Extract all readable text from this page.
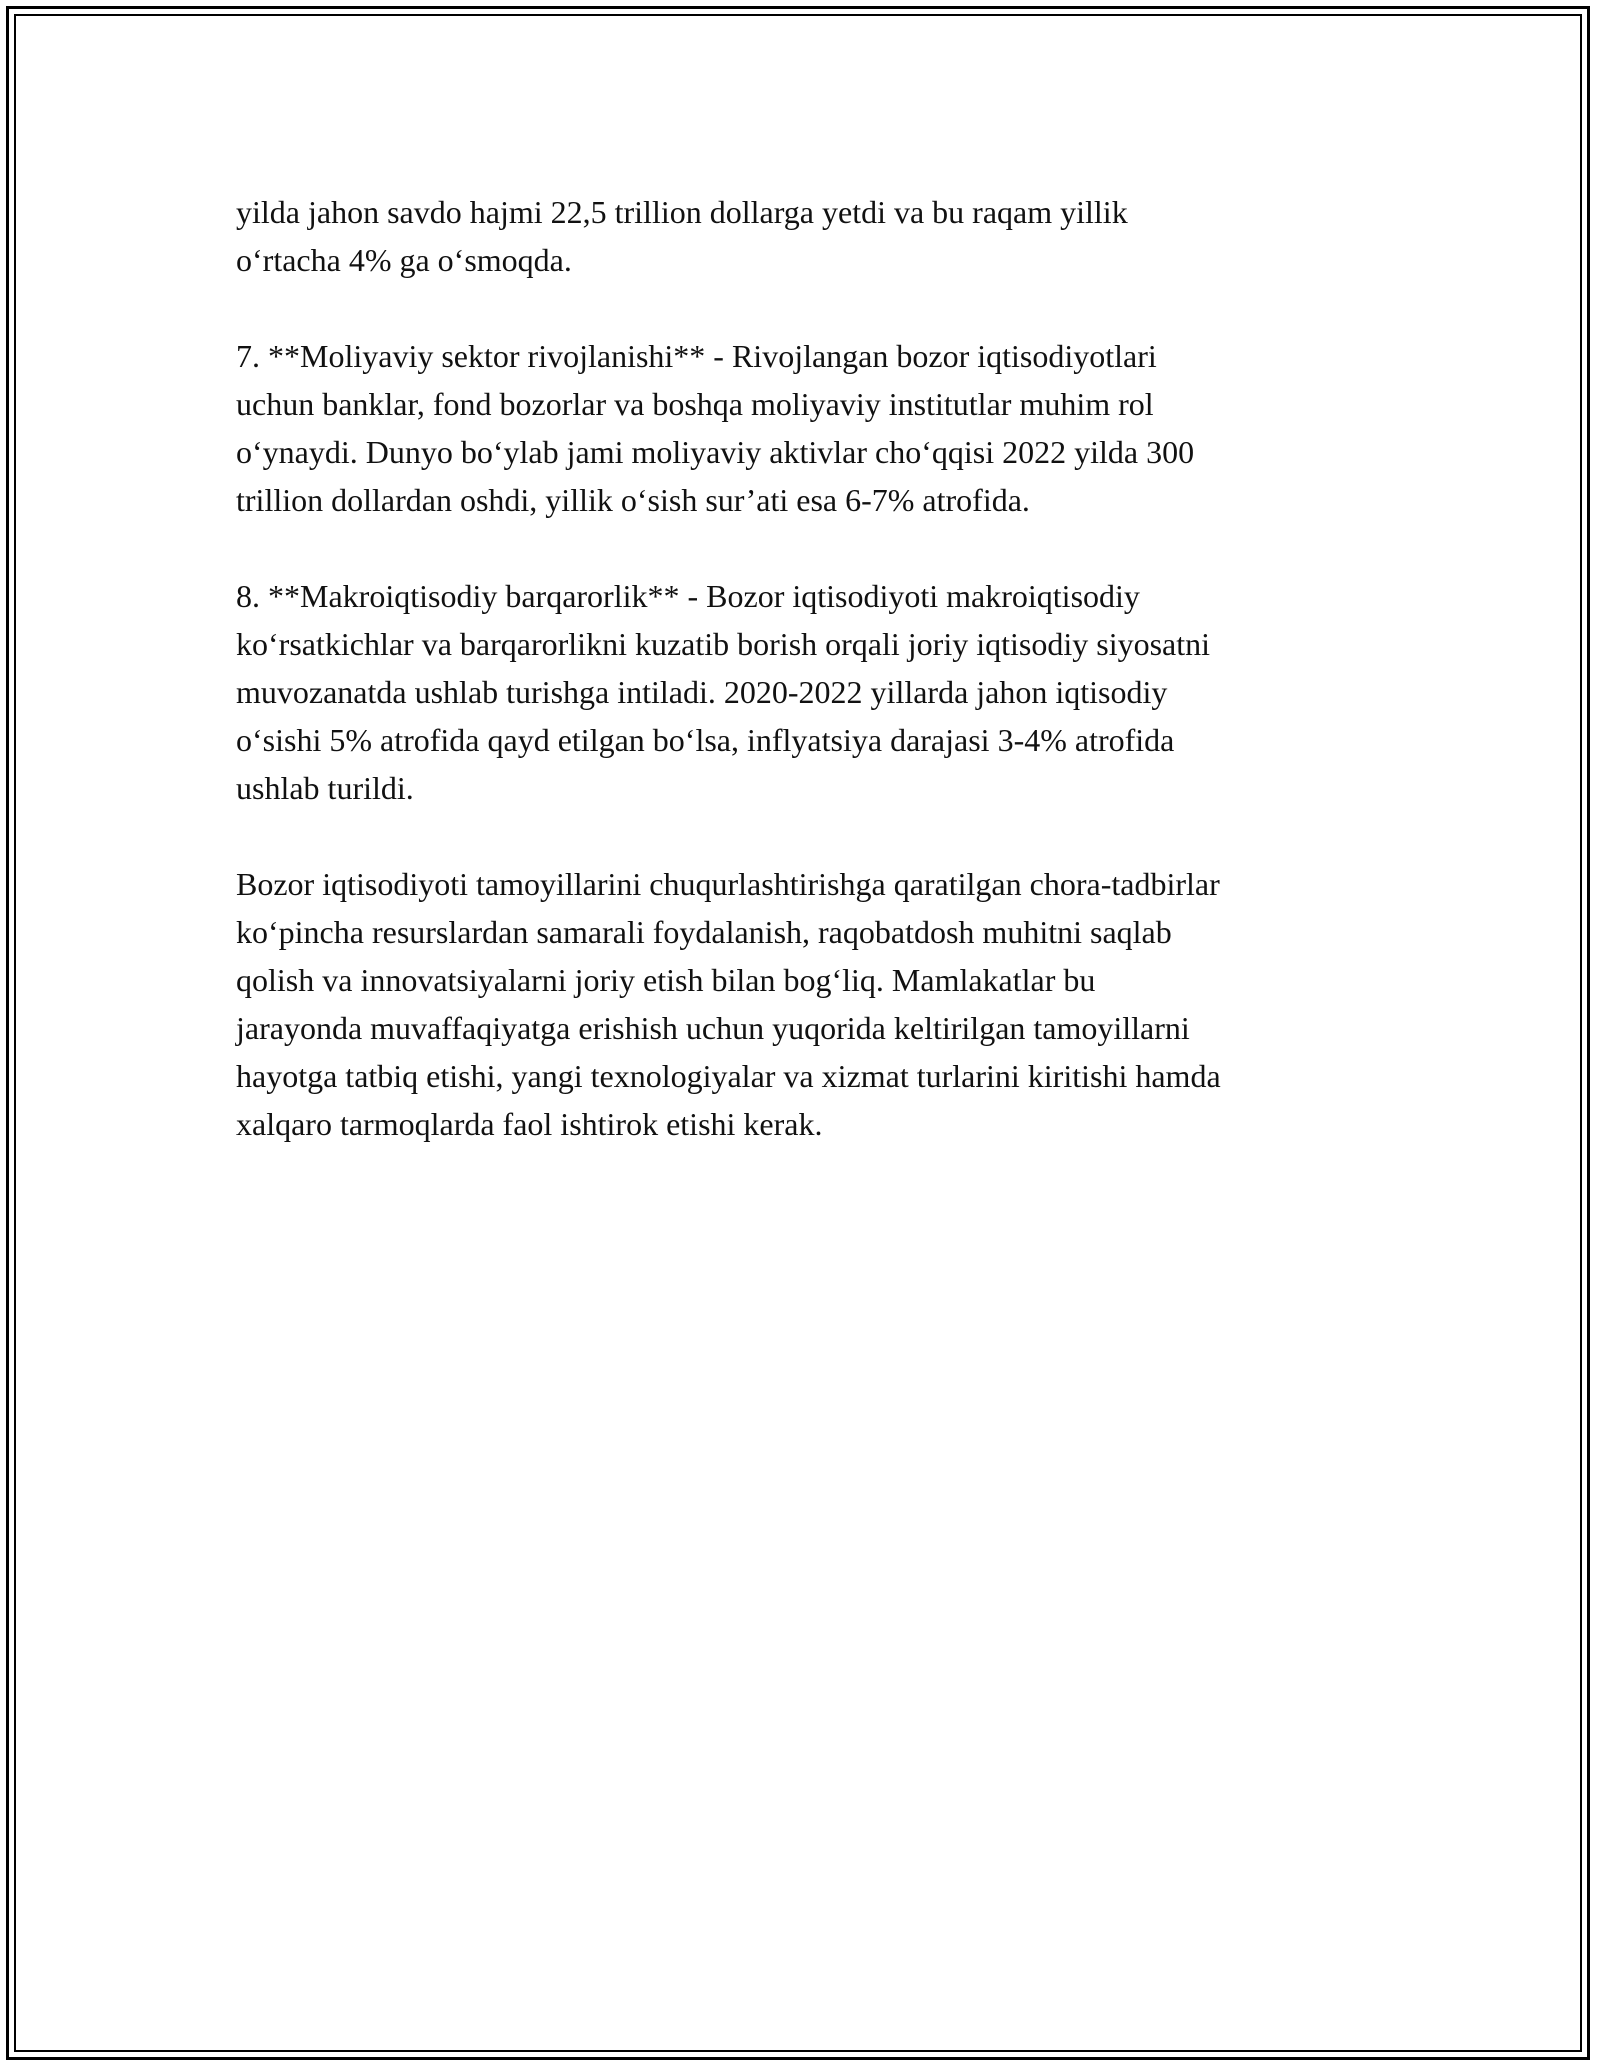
yilda jahon savdo hajmi 22,5 trillion dollarga yetdi va bu raqam yillik
o‘rtacha 4% ga o‘smoqda.

7. **Moliyaviy sektor rivojlanishi** - Rivojlangan bozor iqtisodiyotlari
uchun banklar, fond bozorlar va boshqa moliyaviy institutlar muhim rol
o‘ynaydi. Dunyo bo‘ylab jami moliyaviy aktivlar cho‘qqisi 2022 yilda 300
trillion dollardan oshdi, yillik o‘sish sur’ati esa 6-7% atrofida.

8. **Makroiqtisodiy barqarorlik** - Bozor iqtisodiyoti makroiqtisodiy
ko‘rsatkichlar va barqarorlikni kuzatib borish orqali joriy iqtisodiy siyosatni
muvozanatda ushlab turishga intiladi. 2020-2022 yillarda jahon iqtisodiy
o‘sishi 5% atrofida qayd etilgan bo‘lsa, inflyatsiya darajasi 3-4% atrofida
ushlab turildi.

Bozor iqtisodiyoti tamoyillarini chuqurlashtirishga qaratilgan chora-tadbirlar
ko‘pincha resurslardan samarali foydalanish, raqobatdosh muhitni saqlab
qolish va innovatsiyalarni joriy etish bilan bog‘liq. Mamlakatlar bu
jarayonda muvaffaqiyatga erishish uchun yuqorida keltirilgan tamoyillarni
hayotga tatbiq etishi, yangi texnologiyalar va xizmat turlarini kiritishi hamda
xalqaro tarmoqlarda faol ishtirok etishi kerak.
